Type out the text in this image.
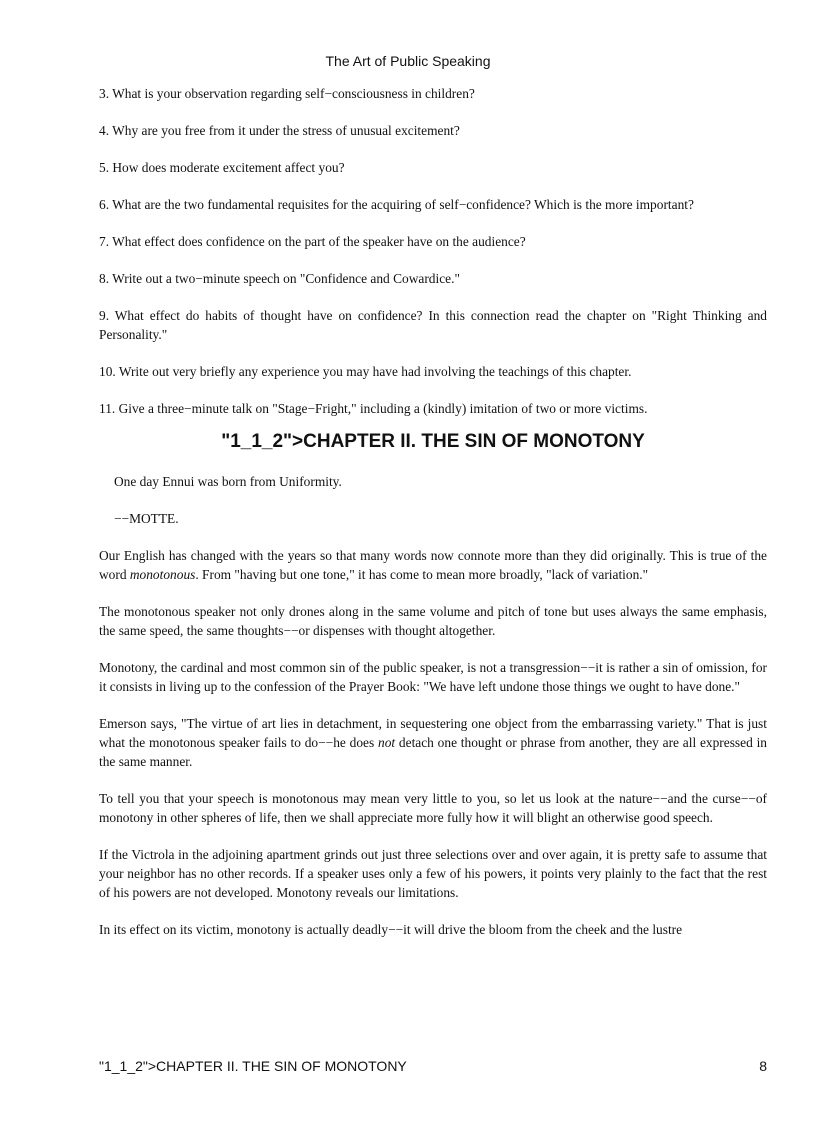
The Art of Public Speaking

3. What is your observation regarding self−consciousness in children?

4. Why are you free from it under the stress of unusual excitement?

5. How does moderate excitement affect you?

6. What are the two fundamental requisites for the acquiring of self−confidence? Which is the more important?

7. What effect does confidence on the part of the speaker have on the audience?

8. Write out a two−minute speech on "Confidence and Cowardice."

9. What effect do habits of thought have on confidence? In this connection read the chapter on "Right Thinking and Personality."

10. Write out very briefly any experience you may have had involving the teachings of this chapter.

11. Give a three−minute talk on "Stage−Fright," including a (kindly) imitation of two or more victims.

"1_1_2">CHAPTER II. THE SIN OF MONOTONY

One day Ennui was born from Uniformity.

−−MOTTE.

Our English has changed with the years so that many words now connote more than they did originally. This is true of the word monotonous. From "having but one tone," it has come to mean more broadly, "lack of variation."

The monotonous speaker not only drones along in the same volume and pitch of tone but uses always the same emphasis, the same speed, the same thoughts−−or dispenses with thought altogether.

Monotony, the cardinal and most common sin of the public speaker, is not a transgression−−it is rather a sin of omission, for it consists in living up to the confession of the Prayer Book: "We have left undone those things we ought to have done."

Emerson says, "The virtue of art lies in detachment, in sequestering one object from the embarrassing variety." That is just what the monotonous speaker fails to do−−he does not detach one thought or phrase from another, they are all expressed in the same manner.

To tell you that your speech is monotonous may mean very little to you, so let us look at the nature−−and the curse−−of monotony in other spheres of life, then we shall appreciate more fully how it will blight an otherwise good speech.

If the Victrola in the adjoining apartment grinds out just three selections over and over again, it is pretty safe to assume that your neighbor has no other records. If a speaker uses only a few of his powers, it points very plainly to the fact that the rest of his powers are not developed. Monotony reveals our limitations.

In its effect on its victim, monotony is actually deadly−−it will drive the bloom from the cheek and the lustre

"1_1_2">CHAPTER II. THE SIN OF MONOTONY	8
